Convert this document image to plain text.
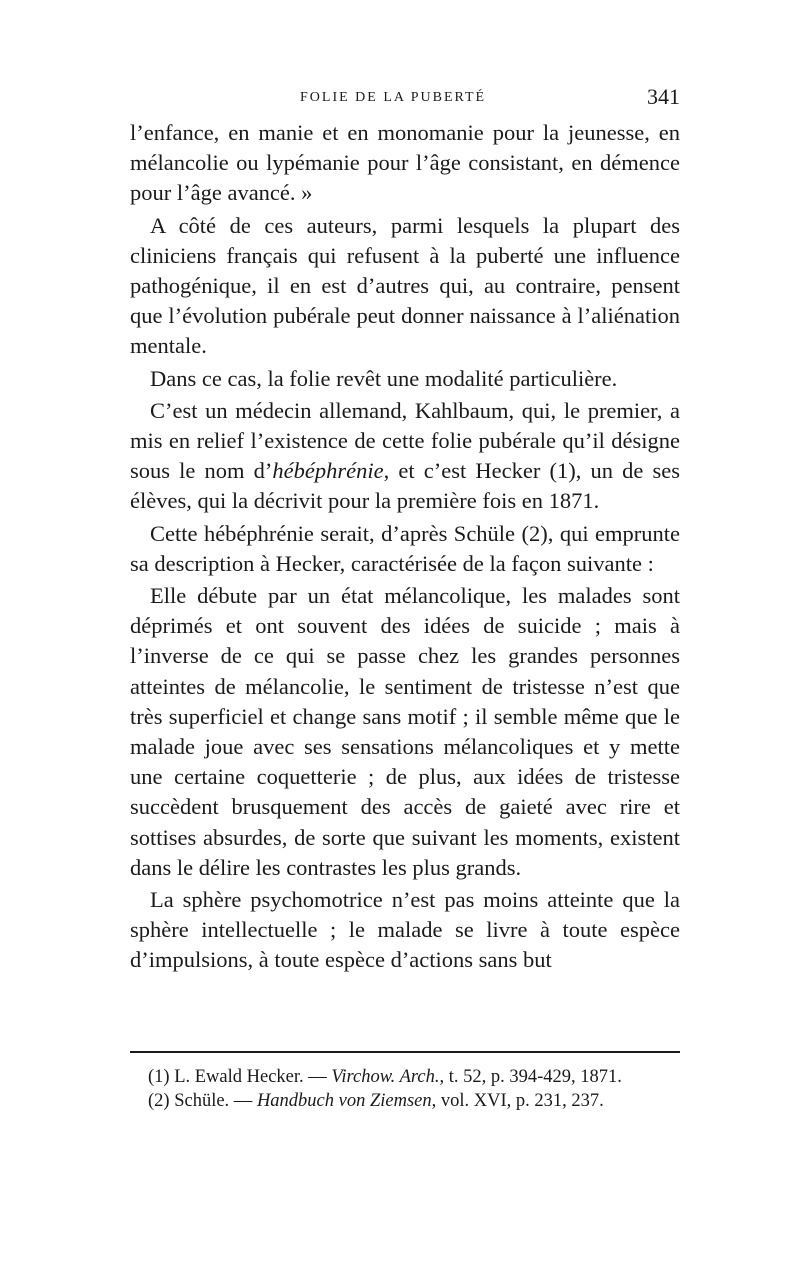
FOLIE DE LA PUBERTÉ	341

l’enfance, en manie et en monomanie pour la jeunesse, en mélancolie ou lypémanie pour l’âge consistant, en démence pour l’âge avancé. »

A côté de ces auteurs, parmi lesquels la plupart des cliniciens français qui refusent à la puberté une influence pathogénique, il en est d’autres qui, au contraire, pensent que l’évolution pubérale peut donner naissance à l’aliénation mentale.

Dans ce cas, la folie revêt une modalité particulière.

C’est un médecin allemand, Kahlbaum, qui, le premier, a mis en relief l’existence de cette folie pubérale qu’il désigne sous le nom d’hébéphrénie, et c’est Hecker (1), un de ses élèves, qui la décrivit pour la première fois en 1871.

Cette hébéphrénie serait, d’après Schüle (2), qui emprunte sa description à Hecker, caractérisée de la façon suivante :

Elle débute par un état mélancolique, les malades sont déprimés et ont souvent des idées de suicide ; mais à l’inverse de ce qui se passe chez les grandes personnes atteintes de mélancolie, le sentiment de tristesse n’est que très superficiel et change sans motif ; il semble même que le malade joue avec ses sensations mélancoliques et y mette une certaine coquetterie ; de plus, aux idées de tristesse succèdent brusquement des accès de gaieté avec rire et sottises absurdes, de sorte que suivant les moments, existent dans le délire les contrastes les plus grands.

La sphère psychomotrice n’est pas moins atteinte que la sphère intellectuelle ; le malade se livre à toute espèce d’impulsions, à toute espèce d’actions sans but

(1) L. Ewald Hecker. — Virchow. Arch., t. 52, p. 394-429, 1871.

(2) Schüle. — Handbuch von Ziemsen, vol. XVI, p. 231, 237.
